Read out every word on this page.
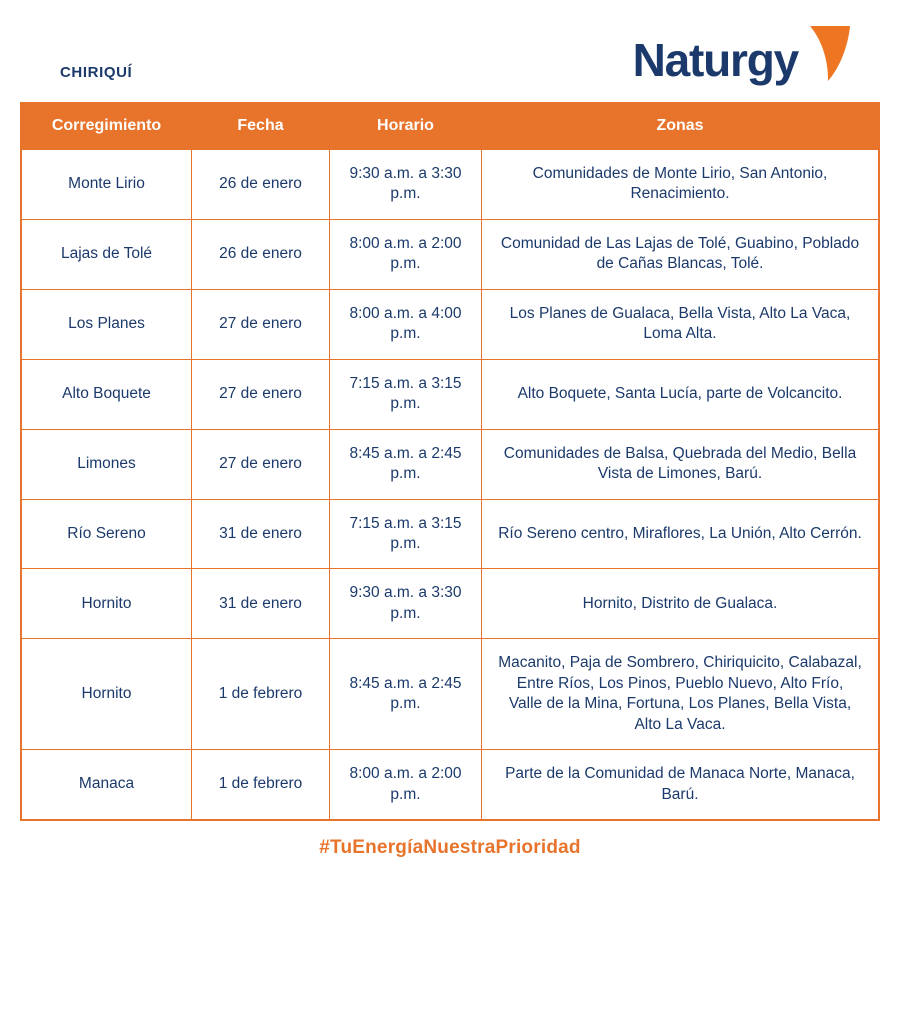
CHIRIQUÍ	Naturgy
Corregimiento	Fecha	Horario	Zonas
Monte Lirio	26 de enero	9:30 a.m. a 3:30 p.m.	Comunidades de Monte Lirio, San Antonio, Renacimiento.
Lajas de Tolé	26 de enero	8:00 a.m. a 2:00 p.m.	Comunidad de Las Lajas de Tolé, Guabino, Poblado de Cañas Blancas, Tolé.
Los Planes	27 de enero	8:00 a.m. a 4:00 p.m.	Los Planes de Gualaca, Bella Vista, Alto La Vaca, Loma Alta.
Alto Boquete	27 de enero	7:15 a.m. a 3:15 p.m.	Alto Boquete, Santa Lucía, parte de Volcancito.
Limones	27 de enero	8:45 a.m. a 2:45 p.m.	Comunidades de Balsa, Quebrada del Medio, Bella Vista de Limones, Barú.
Río Sereno	31 de enero	7:15 a.m. a 3:15 p.m.	Río Sereno centro, Miraflores, La Unión, Alto Cerrón.
Hornito	31 de enero	9:30 a.m. a 3:30 p.m.	Hornito, Distrito de Gualaca.
Hornito	1 de febrero	8:45 a.m. a 2:45 p.m.	Macanito, Paja de Sombrero, Chiriquicito, Calabazal, Entre Ríos, Los Pinos, Pueblo Nuevo, Alto Frío, Valle de la Mina, Fortuna, Los Planes, Bella Vista, Alto La Vaca.
Manaca	1 de febrero	8:00 a.m. a 2:00 p.m.	Parte de la Comunidad de Manaca Norte, Manaca, Barú.
#TuEnergíaNuestraPrioridad
